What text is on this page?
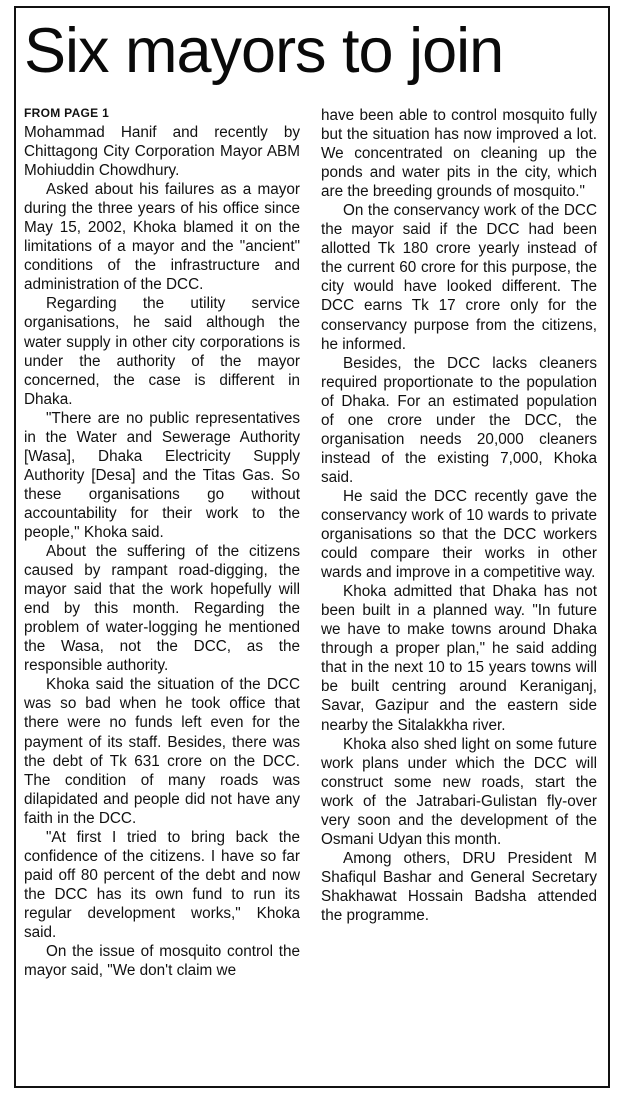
Six mayors to join
FROM PAGE 1

Mohammad Hanif and recently by Chittagong City Corporation Mayor ABM Mohiuddin Chowdhury.

Asked about his failures as a mayor during the three years of his office since May 15, 2002, Khoka blamed it on the limitations of a mayor and the "ancient" conditions of the infrastructure and administration of the DCC.

Regarding the utility service organisations, he said although the water supply in other city corporations is under the authority of the mayor concerned, the case is different in Dhaka.

"There are no public representatives in the Water and Sewerage Authority [Wasa], Dhaka Electricity Supply Authority [Desa] and the Titas Gas. So these organisations go without accountability for their work to the people," Khoka said.

About the suffering of the citizens caused by rampant road-digging, the mayor said that the work hopefully will end by this month. Regarding the problem of water-logging he mentioned the Wasa, not the DCC, as the responsible authority.

Khoka said the situation of the DCC was so bad when he took office that there were no funds left even for the payment of its staff. Besides, there was the debt of Tk 631 crore on the DCC. The condition of many roads was dilapidated and people did not have any faith in the DCC.

"At first I tried to bring back the confidence of the citizens. I have so far paid off 80 percent of the debt and now the DCC has its own fund to run its regular development works," Khoka said.

On the issue of mosquito control the mayor said, "We don't claim we

have been able to control mosquito fully but the situation has now improved a lot. We concentrated on cleaning up the ponds and water pits in the city, which are the breeding grounds of mosquito."

On the conservancy work of the DCC the mayor said if the DCC had been allotted Tk 180 crore yearly instead of the current 60 crore for this purpose, the city would have looked different. The DCC earns Tk 17 crore only for the conservancy purpose from the citizens, he informed.

Besides, the DCC lacks cleaners required proportionate to the population of Dhaka. For an estimated population of one crore under the DCC, the organisation needs 20,000 cleaners instead of the existing 7,000, Khoka said.

He said the DCC recently gave the conservancy work of 10 wards to private organisations so that the DCC workers could compare their works in other wards and improve in a competitive way.

Khoka admitted that Dhaka has not been built in a planned way. "In future we have to make towns around Dhaka through a proper plan," he said adding that in the next 10 to 15 years towns will be built centring around Keraniganj, Savar, Gazipur and the eastern side nearby the Sitalakkha river.

Khoka also shed light on some future work plans under which the DCC will construct some new roads, start the work of the Jatrabari-Gulistan fly-over very soon and the development of the Osmani Udyan this month.

Among others, DRU President M Shafiqul Bashar and General Secretary Shakhawat Hossain Badsha attended the programme.
